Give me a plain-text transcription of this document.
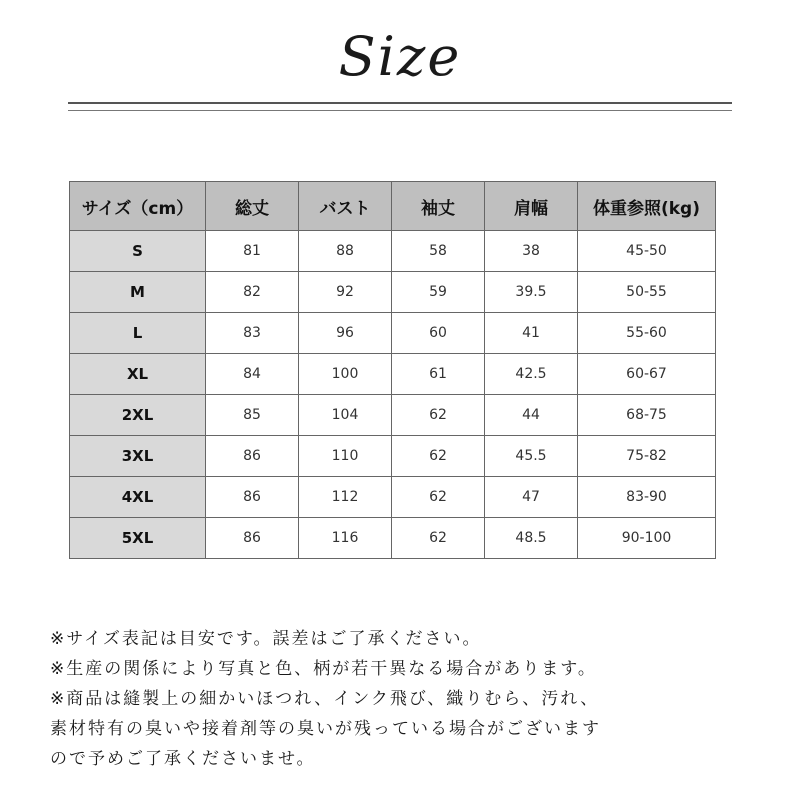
Size
サイズ（cm）	総丈	バスト	袖丈	肩幅	体重参照(kg)
S	81	88	58	38	45-50
M	82	92	59	39.5	50-55
L	83	96	60	41	55-60
XL	84	100	61	42.5	60-67
2XL	85	104	62	44	68-75
3XL	86	110	62	45.5	75-82
4XL	86	112	62	47	83-90
5XL	86	116	62	48.5	90-100
※サイズ表記は目安です。誤差はご了承ください。
※生産の関係により写真と色、柄が若干異なる場合があります。
※商品は縫製上の細かいほつれ、インク飛び、織りむら、汚れ、
素材特有の臭いや接着剤等の臭いが残っている場合がございます
ので予めご了承くださいませ。
